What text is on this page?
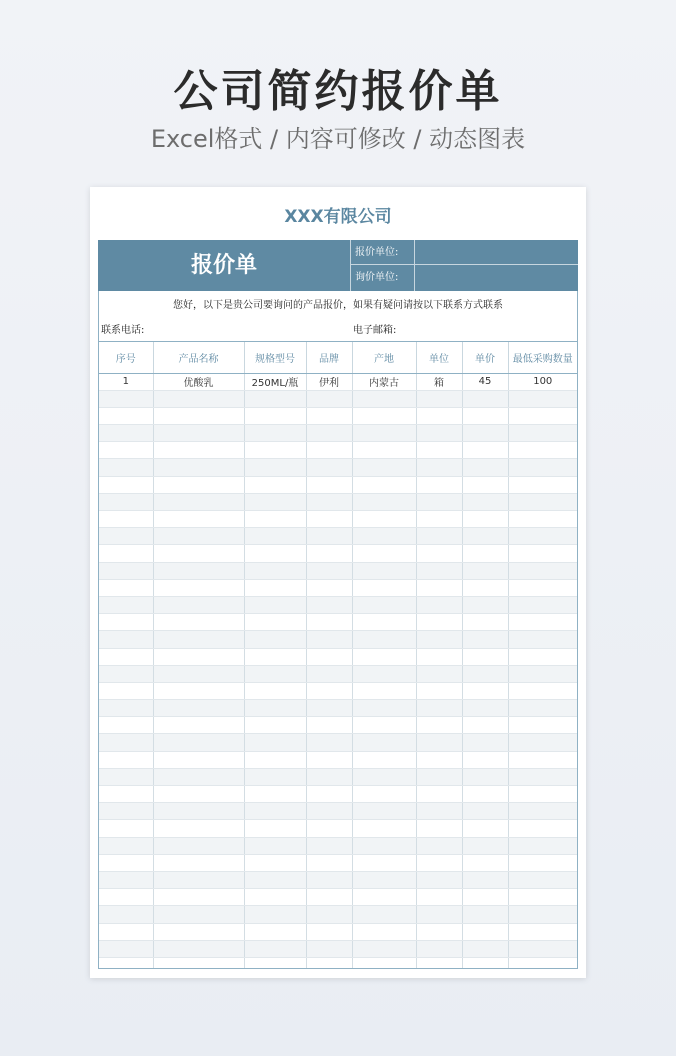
公司简约报价单
Excel格式 / 内容可修改 / 动态图表
XXX有限公司
报价单
报价单位:
询价单位:
您好，以下是贵公司要询问的产品报价，如果有疑问请按以下联系方式联系
联系电话:	电子邮箱:
序号	产品名称	规格型号	品牌	产地	单位	单价	最低采购数量
1	优酸乳	250ML/瓶	伊利	内蒙古	箱	45	100
